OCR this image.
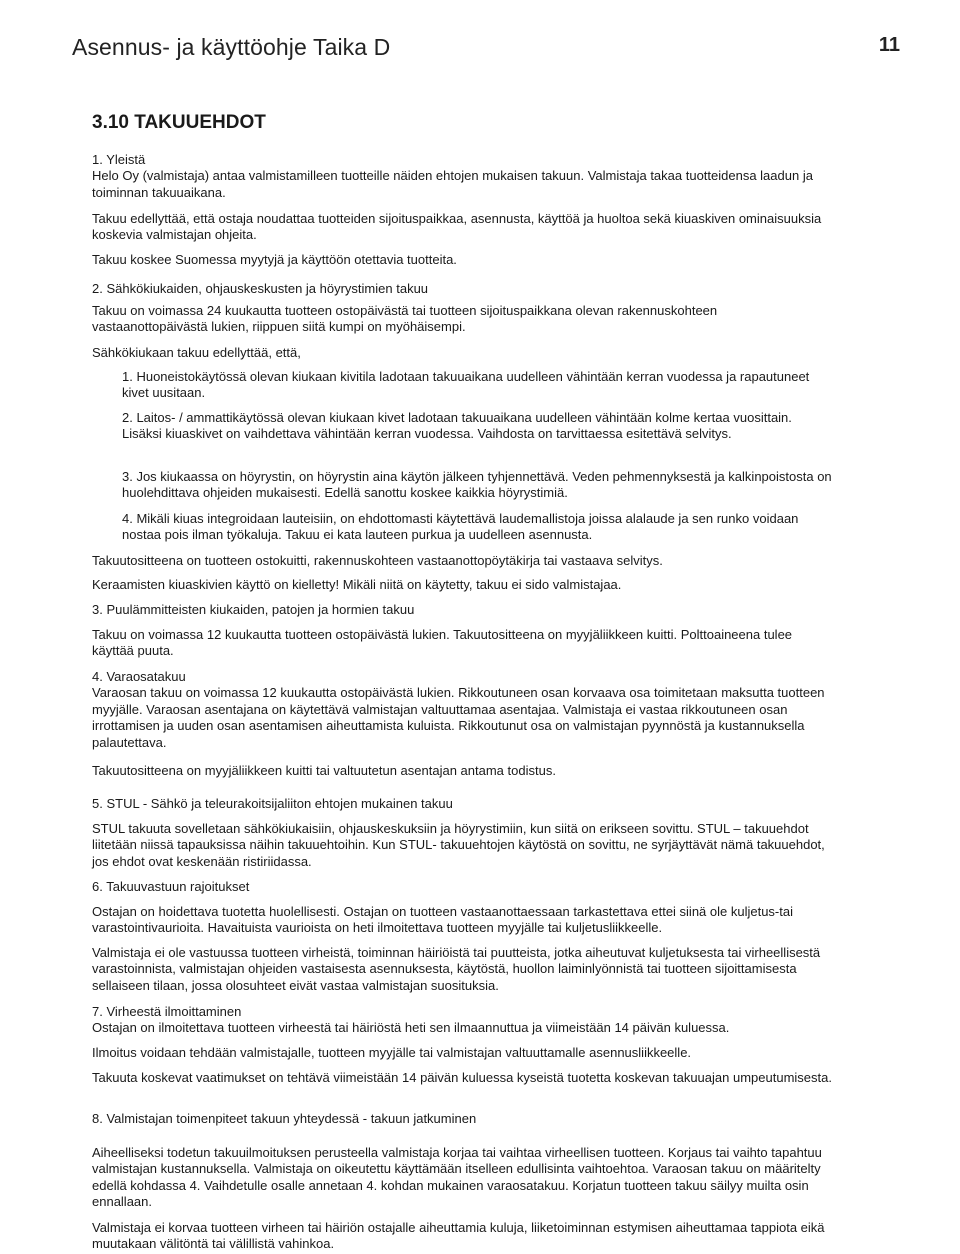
Asennus- ja käyttöohje Taika D	11

3.10 TAKUUEHDOT

1. Yleistä
Helo Oy (valmistaja) antaa valmistamilleen tuotteille näiden ehtojen mukaisen takuun. Valmistaja takaa tuotteidensa laadun ja toiminnan takuuaikana.

Takuu edellyttää, että ostaja noudattaa tuotteiden sijoituspaikkaa, asennusta, käyttöä ja huoltoa sekä kiuaskiven ominaisuuksia koskevia valmistajan ohjeita.

Takuu koskee Suomessa myytyjä ja käyttöön otettavia tuotteita.

2. Sähkökiukaiden, ohjauskeskusten ja höyrystimien takuu

Takuu on voimassa 24 kuukautta tuotteen ostopäivästä tai tuotteen sijoituspaikkana olevan rakennuskohteen vastaanottopäivästä lukien, riippuen siitä kumpi on myöhäisempi.

Sähkökiukaan takuu edellyttää, että,

1. Huoneistokäytössä olevan kiukaan kivitila ladotaan takuuaikana uudelleen vähintään kerran vuodessa ja rapautuneet kivet uusitaan.

2. Laitos- / ammattikäytössä olevan kiukaan kivet ladotaan takuuaikana uudelleen vähintään kolme kertaa vuosittain. Lisäksi kiuaskivet on vaihdettava vähintään kerran vuodessa. Vaihdosta on tarvittaessa esitettävä selvitys.

3. Jos kiukaassa on höyrystin, on höyrystin aina käytön jälkeen tyhjennettävä. Veden pehmennyksestä ja kalkinpoistosta on huolehdittava ohjeiden mukaisesti. Edellä sanottu koskee kaikkia höyrystimiä.

4. Mikäli kiuas integroidaan lauteisiin, on ehdottomasti käytettävä laudemallistoja joissa alalaude ja sen runko voidaan nostaa pois ilman työkaluja. Takuu ei kata lauteen purkua ja uudelleen asennusta.

Takuutositteena on tuotteen ostokuitti, rakennuskohteen vastaanottopöytäkirja tai vastaava selvitys.

Keraamisten kiuaskivien käyttö on kielletty! Mikäli niitä on käytetty, takuu ei sido valmistajaa.

3. Puulämmitteisten kiukaiden, patojen ja hormien takuu

Takuu on voimassa 12 kuukautta tuotteen ostopäivästä lukien. Takuutositteena on myyjäliikkeen kuitti. Polttoaineena tulee käyttää puuta.

4. Varaosatakuu
Varaosan takuu on voimassa 12 kuukautta ostopäivästä lukien. Rikkoutuneen osan korvaava osa toimitetaan maksutta tuotteen myyjälle. Varaosan asentajana on käytettävä valmistajan valtuuttamaa asentajaa. Valmistaja ei vastaa rikkoutuneen osan irrottamisen ja uuden osan asentamisen aiheuttamista kuluista. Rikkoutunut osa on valmistajan pyynnöstä ja kustannuksella palautettava.

Takuutositteena on myyjäliikkeen kuitti tai valtuutetun asentajan antama todistus.

5. STUL - Sähkö ja teleurakoitsijaliiton ehtojen mukainen takuu

STUL takuuta sovelletaan sähkökiukaisiin, ohjauskeskuksiin ja höyrystimiin, kun siitä on erikseen sovittu. STUL – takuuehdot liitetään niissä tapauksissa näihin takuuehtoihin. Kun STUL- takuuehtojen käytöstä on sovittu, ne syrjäyttävät nämä takuuehdot, jos ehdot ovat keskenään ristiriidassa.

6. Takuuvastuun rajoitukset

Ostajan on hoidettava tuotetta huolellisesti. Ostajan on tuotteen vastaanottaessaan tarkastettava ettei siinä ole kuljetus-tai varastointivaurioita. Havaituista vaurioista on heti ilmoitettava tuotteen myyjälle tai kuljetusliikkeelle.

Valmistaja ei ole vastuussa tuotteen virheistä, toiminnan häiriöistä tai puutteista, jotka aiheutuvat kuljetuksesta tai virheellisestä varastoinnista, valmistajan ohjeiden vastaisesta asennuksesta, käytöstä, huollon laiminlyönnistä tai tuotteen sijoittamisesta sellaiseen tilaan, jossa olosuhteet eivät vastaa valmistajan suosituksia.

7. Virheestä ilmoittaminen
Ostajan on ilmoitettava tuotteen virheestä tai häiriöstä heti sen ilmaannuttua ja viimeistään 14 päivän kuluessa.

Ilmoitus voidaan tehdään valmistajalle, tuotteen myyjälle tai valmistajan valtuuttamalle asennusliikkeelle.

Takuuta koskevat vaatimukset on tehtävä viimeistään 14 päivän kuluessa kyseistä tuotetta koskevan takuuajan umpeutumisesta.

8. Valmistajan toimenpiteet takuun yhteydessä - takuun jatkuminen

Aiheelliseksi todetun takuuilmoituksen perusteella valmistaja korjaa tai vaihtaa virheellisen tuotteen. Korjaus tai vaihto tapahtuu valmistajan kustannuksella. Valmistaja on oikeutettu käyttämään itselleen edullisinta vaihtoehtoa. Varaosan takuu on määritelty edellä kohdassa 4. Vaihdetulle osalle annetaan 4. kohdan mukainen varaosatakuu. Korjatun tuotteen takuu säilyy muilta osin ennallaan.

Valmistaja ei korvaa tuotteen virheen tai häiriön ostajalle aiheuttamia kuluja, liiketoiminnan estymisen aiheuttamaa tappiota eikä muutakaan välitöntä tai välillistä vahinkoa.
